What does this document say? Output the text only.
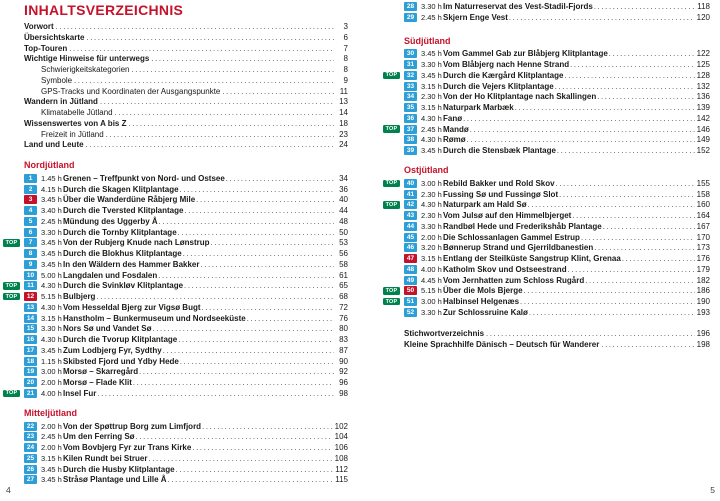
INHALTSVERZEICHNIS
Vorwort .....	3
Übersichtskarte .....	6
Top-Touren .....	7
Wichtige Hinweise für unterwegs .....	8
Schwierigkeitskategorien .....	8
Symbole .....	9
GPS-Tracks und Koordinaten der Ausgangspunkte .....	11
Wandern in Jütland .....	13
Klimatabelle Jütland .....	14
Wissenswertes von A bis Z .....	18
Freizeit in Jütland .....	23
Land und Leute .....	24
Nordjütland
1	1.45 h Grenen – Treffpunkt von Nord- und Ostsee .....	34
2	4.15 h Durch die Skagen Klitplantage .....	36
3	3.45 h Über die Wanderdüne Råbjerg Mile .....	40
4	3.40 h Durch die Tversted Klitplantage .....	44
5	2.45 h Mündung des Uggerby Å .....	48
6	3.30 h Durch die Tornby Klitplantage .....	50
TOP	7	3.45 h Von der Rubjerg Knude nach Lønstrup .....	53
8	3.45 h Durch die Blokhus Klitplantage .....	56
9	3.45 h In den Wäldern des Hammer Bakker .....	58
10 5.00 h Langdalen und Fosdalen .....	61
TOP	11 4.30 h Durch die Svinkløv Klitplantage .....	65
TOP	12 5.15 h Bulbjerg .....	68
13 4.30 h Vom Hesseldal Bjerg zur Vigsø Bugt .....	72
14 3.15 h Hanstholm – Bunkermuseum und Nordseeküste .....	76
15 3.30 h Nors Sø und Vandet Sø .....	80
16 4.30 h Durch die Tvorup Klitplantage .....	83
17 3.45 h Zum Lodbjerg Fyr, Sydthy .....	87
18 1.15 h Skibsted Fjord und Ydby Hede .....	90
19 3.00 h Morsø – Skarregård .....	92
20 2.00 h Morsø – Flade Klit .....	96
TOP	21 4.00 h Insel Fur .....	98
Mitteljütland
22 2.00 h Von der Spøttrup Borg zum Limfjord .....	102
23 2.45 h Um den Ferring Sø .....	104
24 2.00 h Vom Bovbjerg Fyr zur Trans Kirke .....	106
25 3.15 h Kilen Rundt bei Struer .....	108
26 3.45 h Durch die Husby Klitplantage .....	112
27 3.45 h Stråsø Plantage und Lille Å .....	115
28 3.30 h Im Naturreservat des Vest-Stadil-Fjords .....	118
29 2.45 h Skjern Enge Vest .....	120
Südjütland
30 3.45 h Vom Gammel Gab zur Blåbjerg Klitplantage .....	122
31 3.30 h Vom Blåbjerg nach Henne Strand .....	125
TOP	32 3.45 h Durch die Kærgård Klitplantage .....	128
33 3.15 h Durch die Vejers Klitplantage .....	132
34 2.30 h Von der Ho Klitplantage nach Skallingen .....	136
35 3.15 h Naturpark Marbæk .....	139
36 4.30 h Fanø .....	142
TOP	37 2.45 h Mandø .....	146
38 4.30 h Rømø .....	149
39 3.45 h Durch die Stensbæk Plantage .....	152
Ostjütland
TOP	40 3.00 h Rebild Bakker und Rold Skov .....	155
41 2.30 h Fussing Sø und Fussingø Slot .....	158
TOP	42 4.30 h Naturpark am Hald Sø .....	160
43 2.30 h Vom Julsø auf den Himmelbjerget .....	164
44 3.30 h Randbøl Hede und Frederikshåb Plantage .....	167
45 2.00 h Die Schlossanlagen Gammel Estrup .....	170
46 3.20 h Bønnerup Strand und Gjerrildbanestien .....	173
47 3.15 h Entlang der Steilküste Sangstrup Klint, Grenaa .....	176
48 4.00 h Katholm Skov und Ostseestrand .....	179
49 4.45 h Vom Jernhatten zum Schloss Rugård .....	182
TOP	50 5.15 h Über die Mols Bjerge .....	186
TOP	51 3.00 h Halbinsel Helgenæs .....	190
52 3.30 h Zur Schlossruine Kalø .....	193
Stichwortverzeichnis .....	196
Kleine Sprachhilfe Dänisch – Deutsch für Wanderer .....	198
4	5
